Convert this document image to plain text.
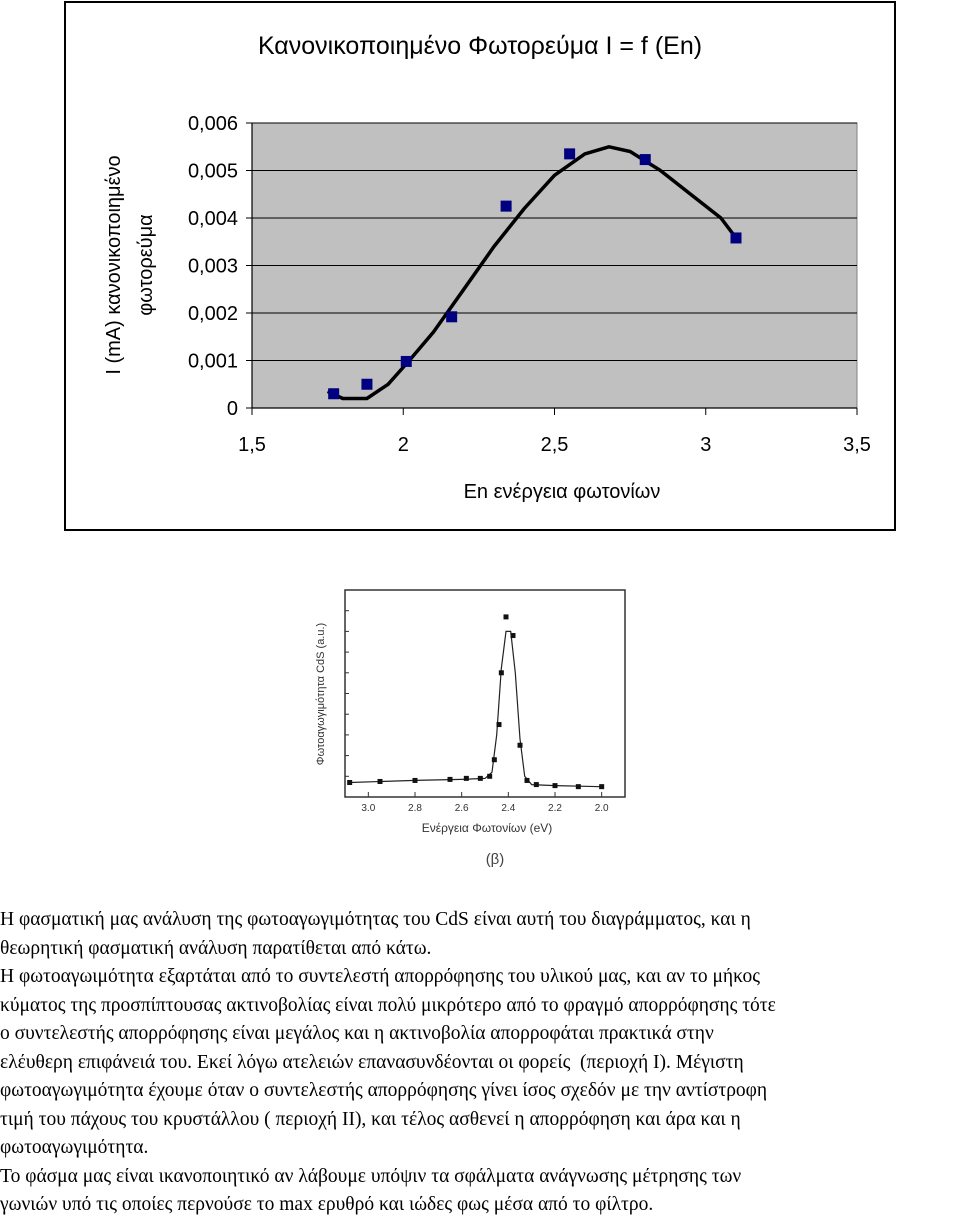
0
0,001
0,002
0,003
0,004
0,005
0,006
1,5	2	2,5	3	3,5
Κανονικοποιημένο Φωτορεύμα I = f (En)
En ενέργεια φωτονίων
I (mA) κανονικοποιημένο φωτορεύμα
3.0	2.8	2.6	2.4	2.2	2.0
Ενέργεια Φωτονίων (eV)
Φωτοαγωγιμότητα CdS (a.u.)
(β)

Η φασματική μας ανάλυση της φωτοαγωγιμότητας του CdS είναι αυτή του διαγράμματος, και η
θεωρητική φασματική ανάλυση παρατίθεται από κάτω.

Η φωτοαγωιμότητα εξαρτάται από το συντελεστή απορρόφησης του υλικού μας, και αν το μήκος
κύματος της προσπίπτουσας ακτινοβολίας είναι πολύ μικρότερο από το φραγμό απορρόφησης τότε
ο συντελεστής απορρόφησης είναι μεγάλος και η ακτινοβολία απορροφάται πρακτικά στην
ελέυθερη επιφάνειά του. Εκεί λόγω ατελειών επανασυνδέονται οι φορείς  (περιοχή Ι). Μέγιστη
φωτοαγωγιμότητα έχουμε όταν ο συντελεστής απορρόφησης γίνει ίσος σχεδόν με την αντίστροφη
τιμή του πάχους του κρυστάλλου ( περιοχή ΙΙ), και τέλος ασθενεί η απορρόφηση και άρα και η
φωτοαγωγιμότητα.

Το φάσμα μας είναι ικανοποιητικό αν λάβουμε υπόψιν τα σφάλματα ανάγνωσης μέτρησης των
γωνιών υπό τις οποίες περνούσε το max ερυθρό και ιώδες φως μέσα από το φίλτρο.
